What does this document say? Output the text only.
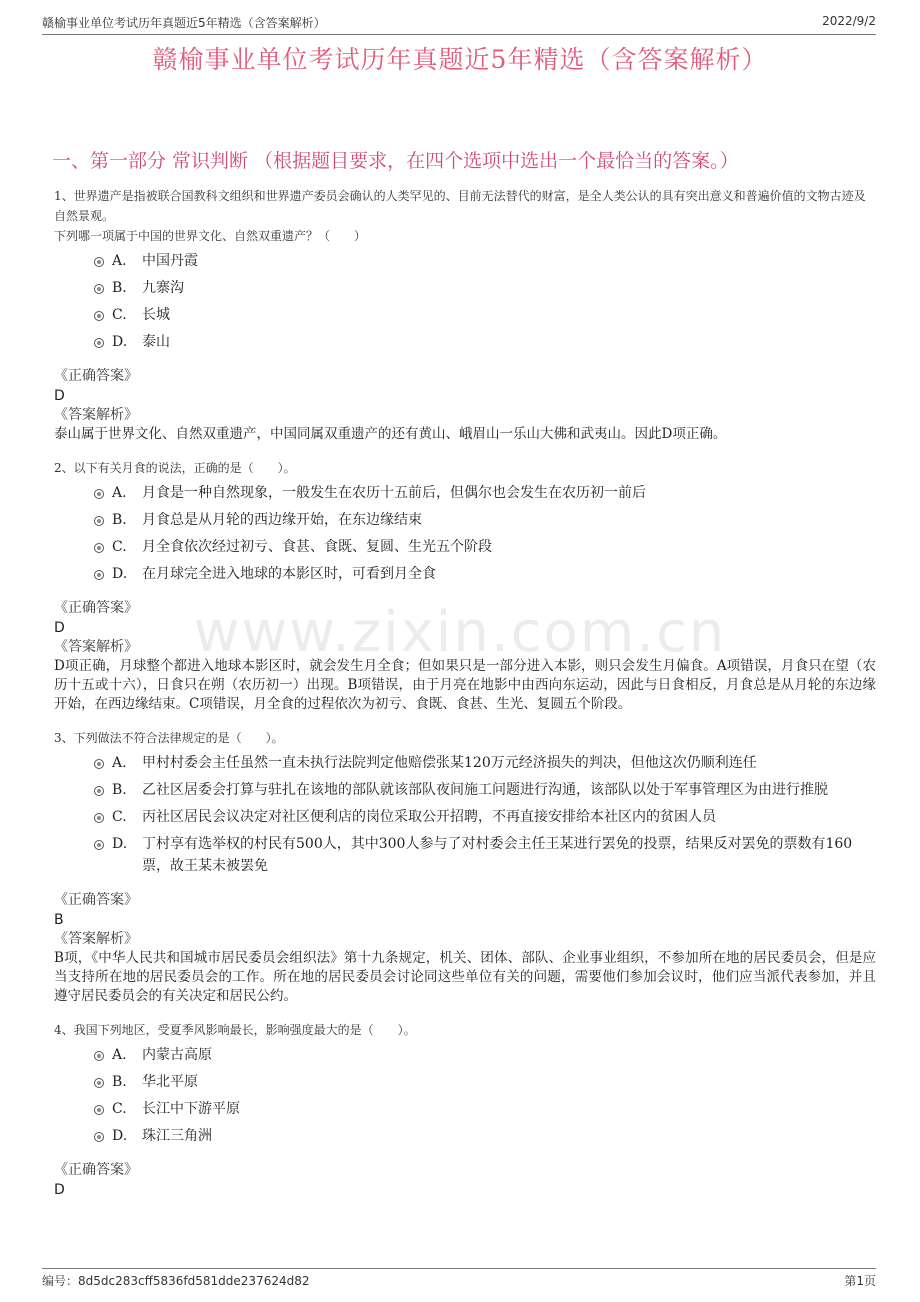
赣榆事业单位考试历年真题近5年精选（含答案解析）	2022/9/2
赣榆事业单位考试历年真题近5年精选（含答案解析）
一、第一部分 常识判断 （根据题目要求，在四个选项中选出一个最恰当的答案。）
www.zixin.com.cn
1、世界遗产是指被联合国教科文组织和世界遗产委员会确认的人类罕见的、目前无法替代的财富，是全人类公认的具有突出意义和普遍价值的文物古迹及自然景观。
下列哪一项属于中国的世界文化、自然双重遗产？（　　）
A.	中国丹霞
B.	九寨沟
C.	长城
D.	泰山
《正确答案》
D
《答案解析》
泰山属于世界文化、自然双重遗产，中国同属双重遗产的还有黄山、峨眉山一乐山大佛和武夷山。因此D项正确。
2、以下有关月食的说法，正确的是（　　）。
A.	月食是一种自然现象，一般发生在农历十五前后，但偶尔也会发生在农历初一前后
B.	月食总是从月轮的西边缘开始，在东边缘结束
C.	月全食依次经过初亏、食甚、食既、复圆、生光五个阶段
D.	在月球完全进入地球的本影区时，可看到月全食
《正确答案》
D
《答案解析》
D项正确，月球整个都进入地球本影区时，就会发生月全食；但如果只是一部分进入本影，则只会发生月偏食。A项错误，月食只在望（农历十五或十六），日食只在朔（农历初一）出现。B项错误，由于月亮在地影中由西向东运动，因此与日食相反，月食总是从月轮的东边缘开始，在西边缘结束。C项错误，月全食的过程依次为初亏、食既、食甚、生光、复圆五个阶段。
3、下列做法不符合法律规定的是（　　）。
A.	甲村村委会主任虽然一直未执行法院判定他赔偿张某120万元经济损失的判决，但他这次仍顺利连任
B.	乙社区居委会打算与驻扎在该地的部队就该部队夜间施工问题进行沟通，该部队以处于军事管理区为由进行推脱
C.	丙社区居民会议决定对社区便利店的岗位采取公开招聘，不再直接安排给本社区内的贫困人员
D.	丁村享有选举权的村民有500人，其中300人参与了对村委会主任王某进行罢免的投票，结果反对罢免的票数有160票，故王某未被罢免
《正确答案》
B
《答案解析》
B项，《中华人民共和国城市居民委员会组织法》第十九条规定，机关、团体、部队、企业事业组织，不参加所在地的居民委员会，但是应当支持所在地的居民委员会的工作。所在地的居民委员会讨论同这些单位有关的问题，需要他们参加会议时，他们应当派代表参加，并且遵守居民委员会的有关决定和居民公约。
4、我国下列地区，受夏季风影响最长，影响强度最大的是（　　）。
A.	内蒙古高原
B.	华北平原
C.	长江中下游平原
D.	珠江三角洲
《正确答案》
D
编号：8d5dc283cff5836fd581dde237624d82	第1页
